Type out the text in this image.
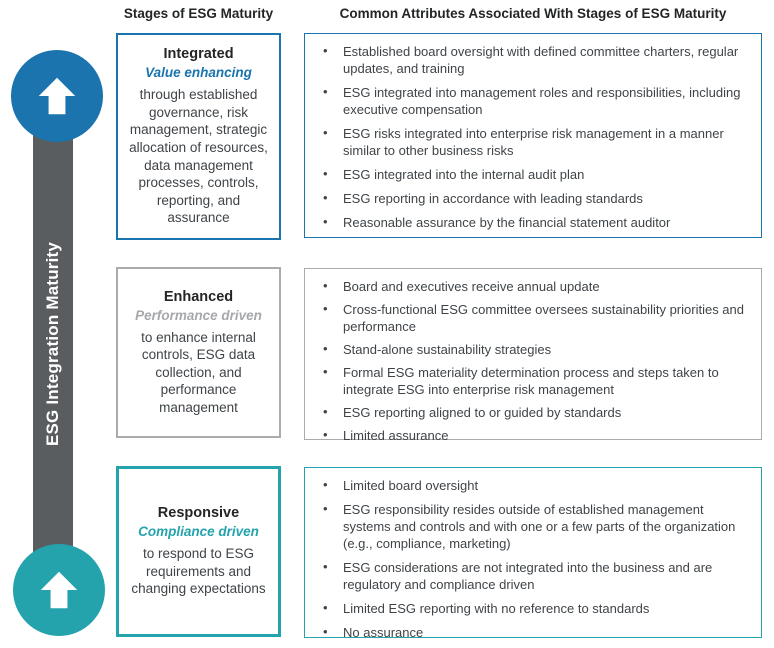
ESG Integration Maturity
Stages of ESG Maturity	Common Attributes Associated With Stages of ESG Maturity
Integrated
Value enhancing
through established governance, risk management, strategic allocation of resources, data management processes, controls, reporting, and assurance
Enhanced
Performance driven
to enhance internal controls, ESG data collection, and performance management
Responsive
Compliance driven
to respond to ESG requirements and changing expectations
• Established board oversight with defined committee charters, regular updates, and training
• ESG integrated into management roles and responsibilities, including executive compensation
• ESG risks integrated into enterprise risk management in a manner similar to other business risks
• ESG integrated into the internal audit plan
• ESG reporting in accordance with leading standards
• Reasonable assurance by the financial statement auditor
• Board and executives receive annual update
• Cross-functional ESG committee oversees sustainability priorities and performance
• Stand-alone sustainability strategies
• Formal ESG materiality determination process and steps taken to integrate ESG into enterprise risk management
• ESG reporting aligned to or guided by standards
• Limited assurance
• Limited board oversight
• ESG responsibility resides outside of established management systems and controls and with one or a few parts of the organization (e.g., compliance, marketing)
• ESG considerations are not integrated into the business and are regulatory and compliance driven
• Limited ESG reporting with no reference to standards
• No assurance
